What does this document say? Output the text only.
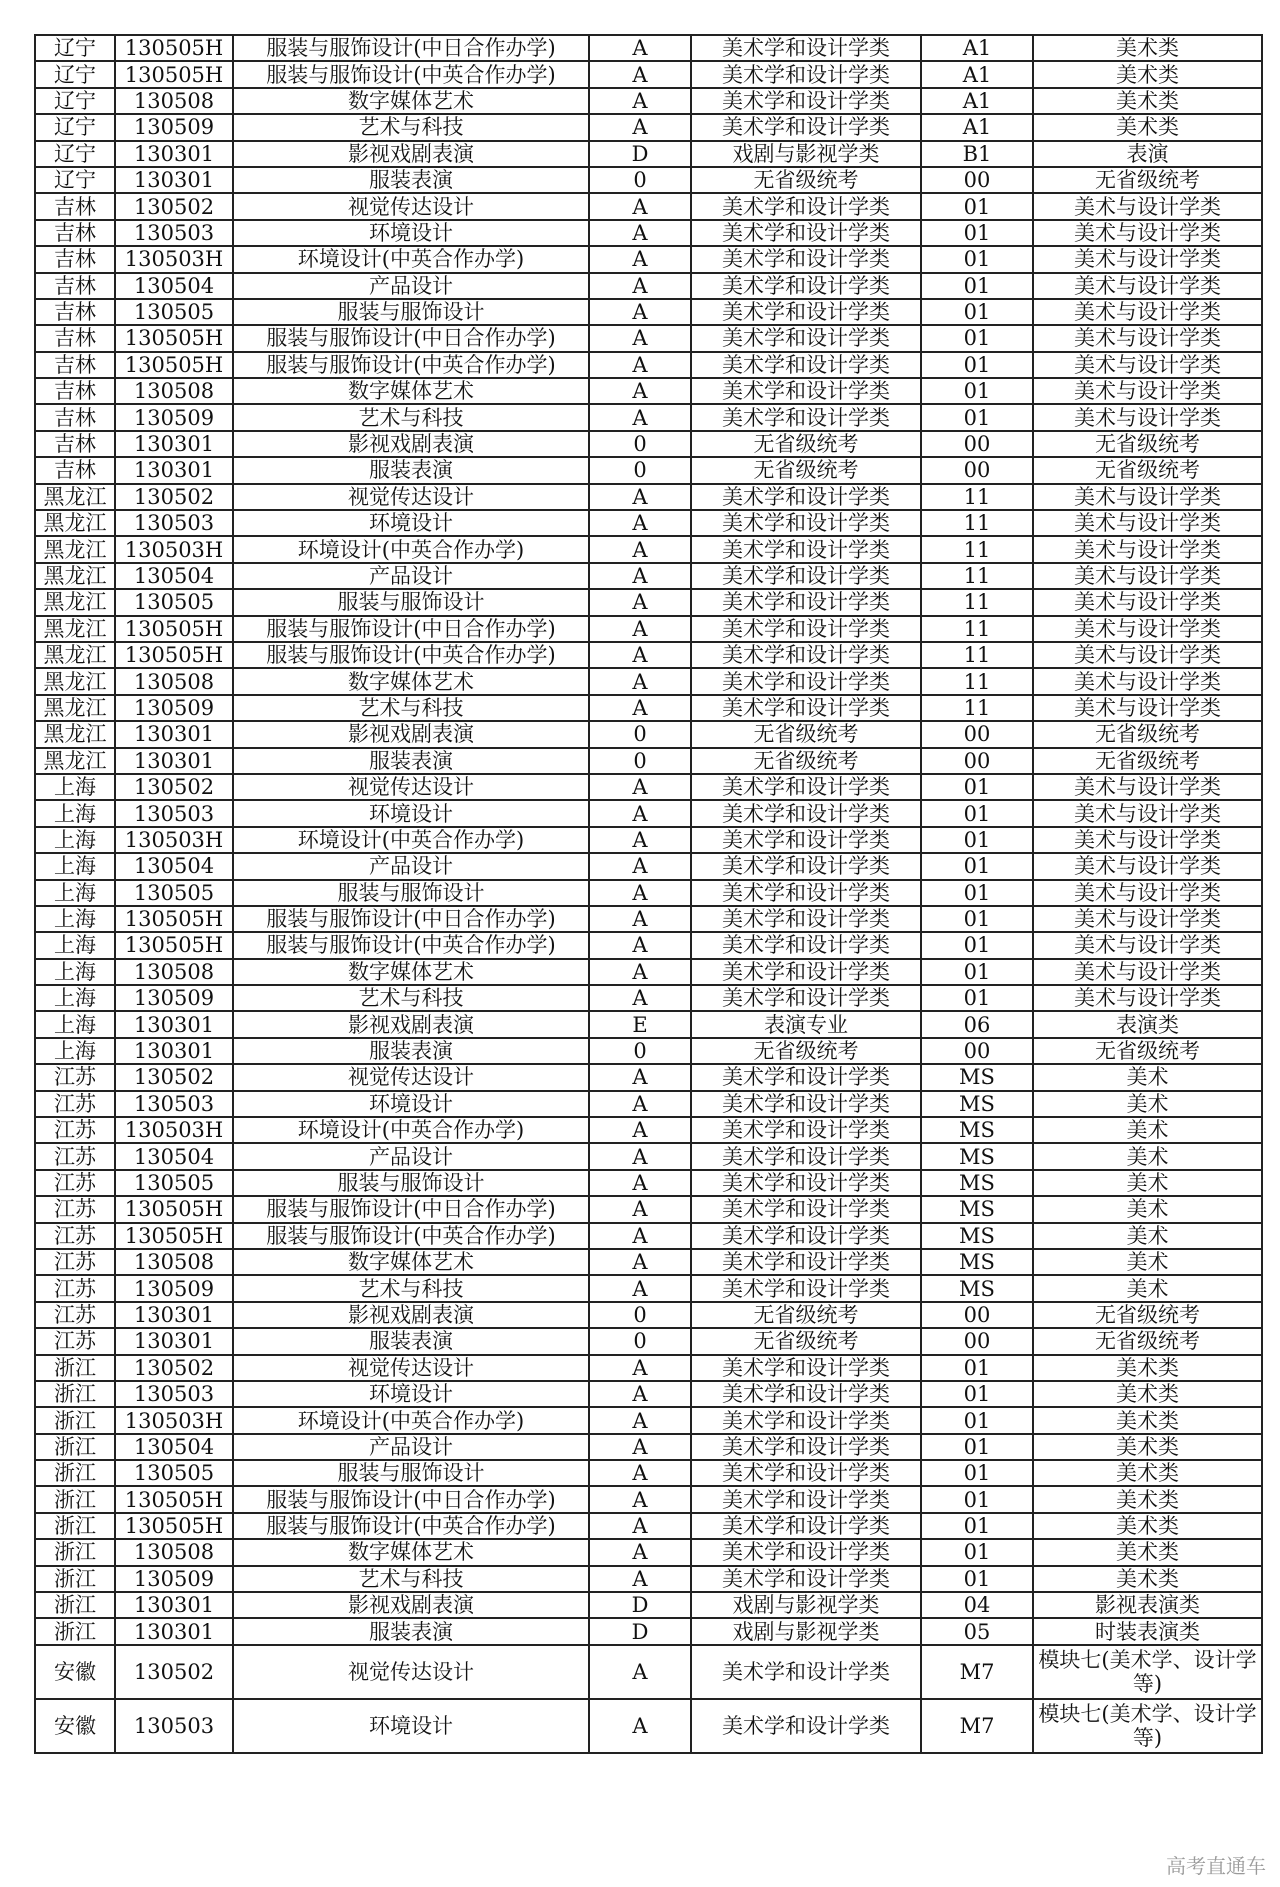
辽宁	130505H	服装与服饰设计(中日合作办学)	A	美术学和设计学类	A1	美术类
辽宁	130505H	服装与服饰设计(中英合作办学)	A	美术学和设计学类	A1	美术类
辽宁	130508	数字媒体艺术	A	美术学和设计学类	A1	美术类
辽宁	130509	艺术与科技	A	美术学和设计学类	A1	美术类
辽宁	130301	影视戏剧表演	D	戏剧与影视学类	B1	表演
辽宁	130301	服装表演	0	无省级统考	00	无省级统考
吉林	130502	视觉传达设计	A	美术学和设计学类	01	美术与设计学类
吉林	130503	环境设计	A	美术学和设计学类	01	美术与设计学类
吉林	130503H	环境设计(中英合作办学)	A	美术学和设计学类	01	美术与设计学类
吉林	130504	产品设计	A	美术学和设计学类	01	美术与设计学类
吉林	130505	服装与服饰设计	A	美术学和设计学类	01	美术与设计学类
吉林	130505H	服装与服饰设计(中日合作办学)	A	美术学和设计学类	01	美术与设计学类
吉林	130505H	服装与服饰设计(中英合作办学)	A	美术学和设计学类	01	美术与设计学类
吉林	130508	数字媒体艺术	A	美术学和设计学类	01	美术与设计学类
吉林	130509	艺术与科技	A	美术学和设计学类	01	美术与设计学类
吉林	130301	影视戏剧表演	0	无省级统考	00	无省级统考
吉林	130301	服装表演	0	无省级统考	00	无省级统考
黑龙江	130502	视觉传达设计	A	美术学和设计学类	11	美术与设计学类
黑龙江	130503	环境设计	A	美术学和设计学类	11	美术与设计学类
黑龙江	130503H	环境设计(中英合作办学)	A	美术学和设计学类	11	美术与设计学类
黑龙江	130504	产品设计	A	美术学和设计学类	11	美术与设计学类
黑龙江	130505	服装与服饰设计	A	美术学和设计学类	11	美术与设计学类
黑龙江	130505H	服装与服饰设计(中日合作办学)	A	美术学和设计学类	11	美术与设计学类
黑龙江	130505H	服装与服饰设计(中英合作办学)	A	美术学和设计学类	11	美术与设计学类
黑龙江	130508	数字媒体艺术	A	美术学和设计学类	11	美术与设计学类
黑龙江	130509	艺术与科技	A	美术学和设计学类	11	美术与设计学类
黑龙江	130301	影视戏剧表演	0	无省级统考	00	无省级统考
黑龙江	130301	服装表演	0	无省级统考	00	无省级统考
上海	130502	视觉传达设计	A	美术学和设计学类	01	美术与设计学类
上海	130503	环境设计	A	美术学和设计学类	01	美术与设计学类
上海	130503H	环境设计(中英合作办学)	A	美术学和设计学类	01	美术与设计学类
上海	130504	产品设计	A	美术学和设计学类	01	美术与设计学类
上海	130505	服装与服饰设计	A	美术学和设计学类	01	美术与设计学类
上海	130505H	服装与服饰设计(中日合作办学)	A	美术学和设计学类	01	美术与设计学类
上海	130505H	服装与服饰设计(中英合作办学)	A	美术学和设计学类	01	美术与设计学类
上海	130508	数字媒体艺术	A	美术学和设计学类	01	美术与设计学类
上海	130509	艺术与科技	A	美术学和设计学类	01	美术与设计学类
上海	130301	影视戏剧表演	E	表演专业	06	表演类
上海	130301	服装表演	0	无省级统考	00	无省级统考
江苏	130502	视觉传达设计	A	美术学和设计学类	MS	美术
江苏	130503	环境设计	A	美术学和设计学类	MS	美术
江苏	130503H	环境设计(中英合作办学)	A	美术学和设计学类	MS	美术
江苏	130504	产品设计	A	美术学和设计学类	MS	美术
江苏	130505	服装与服饰设计	A	美术学和设计学类	MS	美术
江苏	130505H	服装与服饰设计(中日合作办学)	A	美术学和设计学类	MS	美术
江苏	130505H	服装与服饰设计(中英合作办学)	A	美术学和设计学类	MS	美术
江苏	130508	数字媒体艺术	A	美术学和设计学类	MS	美术
江苏	130509	艺术与科技	A	美术学和设计学类	MS	美术
江苏	130301	影视戏剧表演	0	无省级统考	00	无省级统考
江苏	130301	服装表演	0	无省级统考	00	无省级统考
浙江	130502	视觉传达设计	A	美术学和设计学类	01	美术类
浙江	130503	环境设计	A	美术学和设计学类	01	美术类
浙江	130503H	环境设计(中英合作办学)	A	美术学和设计学类	01	美术类
浙江	130504	产品设计	A	美术学和设计学类	01	美术类
浙江	130505	服装与服饰设计	A	美术学和设计学类	01	美术类
浙江	130505H	服装与服饰设计(中日合作办学)	A	美术学和设计学类	01	美术类
浙江	130505H	服装与服饰设计(中英合作办学)	A	美术学和设计学类	01	美术类
浙江	130508	数字媒体艺术	A	美术学和设计学类	01	美术类
浙江	130509	艺术与科技	A	美术学和设计学类	01	美术类
浙江	130301	影视戏剧表演	D	戏剧与影视学类	04	影视表演类
浙江	130301	服装表演	D	戏剧与影视学类	05	时装表演类
安徽	130502	视觉传达设计	A	美术学和设计学类	M7	模块七(美术学、设计学等)
安徽	130503	环境设计	A	美术学和设计学类	M7	模块七(美术学、设计学等)
高考直通车
